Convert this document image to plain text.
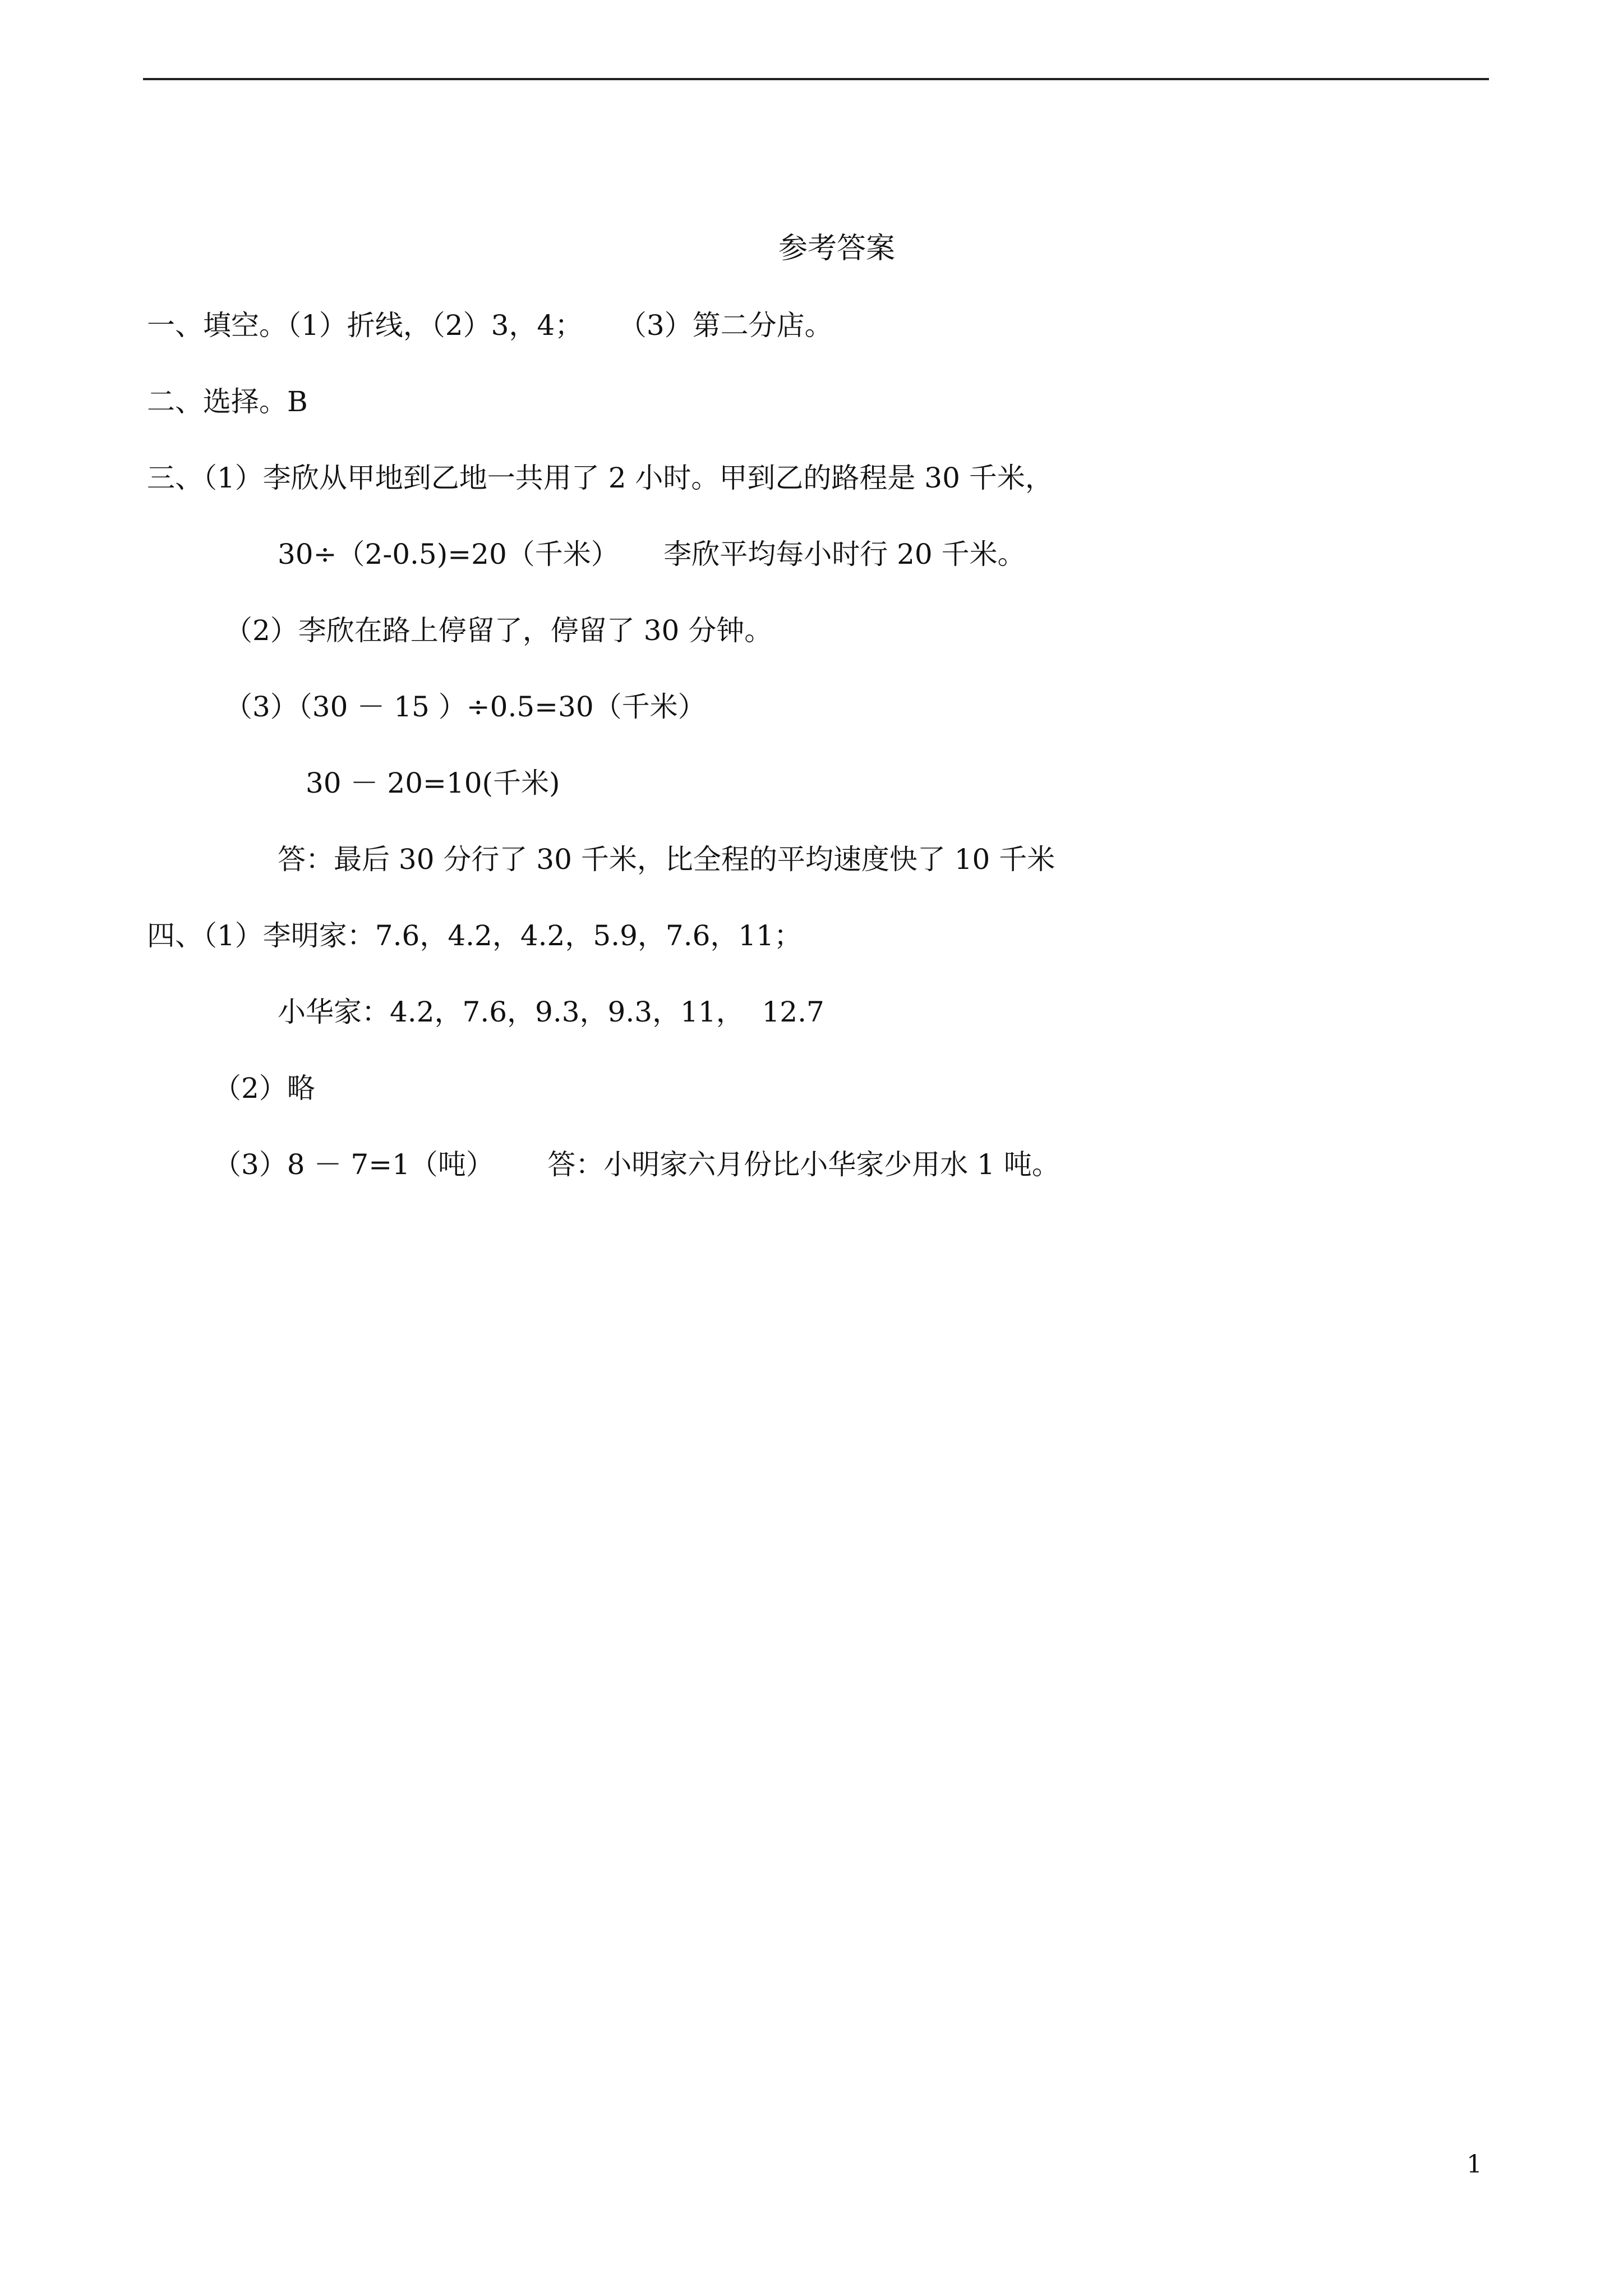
参考答案
一、填空。（1）折线，（2）3，4；    （3）第二分店。
二、选择。B
三、（1）李欣从甲地到乙地一共用了 2 小时。甲到乙的路程是 30 千米，
30÷（2-0.5)=20（千米）     李欣平均每小时行 20 千米。
（2）李欣在路上停留了，停留了 30 分钟。
（3）（30 － 15 ）÷0.5=30（千米）
30 － 20=10(千米)
答：最后 30 分行了 30 千米，比全程的平均速度快了 10 千米
四、（1）李明家：7.6，4.2，4.2，5.9，7.6，11；
小华家：4.2，7.6，9.3，9.3，11，  12.7
（2）略
（3）8 － 7=1（吨）      答：小明家六月份比小华家少用水 1 吨。
1
